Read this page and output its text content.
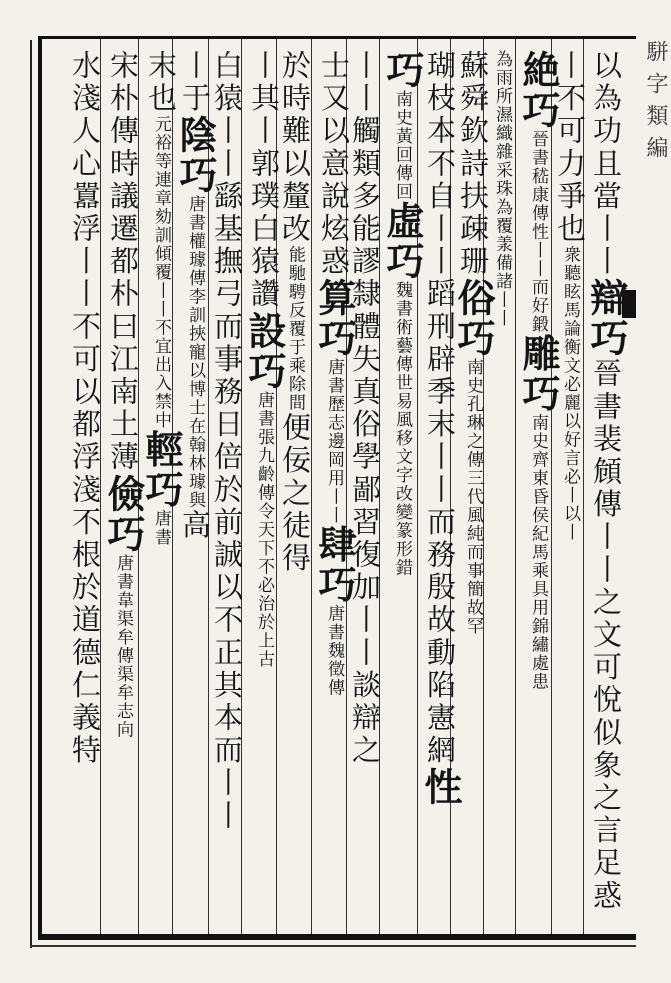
駢字類編
以為功且當丨丨辯巧晉書裴頠傳丨丨之文可悅似象之言足惑
丨不可力爭也衆聽眩馬論衡文必麗以好言必丨以丨
絶巧晉書嵇康傳性丨丨而好鍛雕巧南史齊東昏侯紀馬乘具用錦繡處患
為雨所濕織雜采珠為覆羕備諸丨丨
蘇舜欽詩扶疎珊俗巧南史孔琳之傳三代風純而事簡故罕
瑚枝本不自丨丨蹈刑辟季末丨丨而務殷故動陷憲網性
巧南史黃回傳回虛巧魏書術藝傳世易風移文字改變篆形錯
丨丨觸類多能謬隸體失真俗學鄙習復加丨丨談辯之
士又以意說炫惑算巧唐書歷志邊岡用丨丨肆巧唐書魏徵傳
於時難以釐改能馳騁反覆于乘除間便佞之徒得
丨其丨郭璞白猿讚設巧唐書張九齡傳令天下不必治於上古
白猿丨丨繇基撫弓而事務日倍於前誠以不正其本而丨丨
丨于陰巧唐書權璩傳李訓挾寵以博士在翰林璩與高
末也元裕等連章劾訓傾覆丨丨不宜出入禁中輕巧唐書
宋朴傳時議遷都朴曰江南土薄儉巧唐書韋渠牟傳渠牟志向
水淺人心囂浮丨丨不可以都浮淺不根於道德仁義特
